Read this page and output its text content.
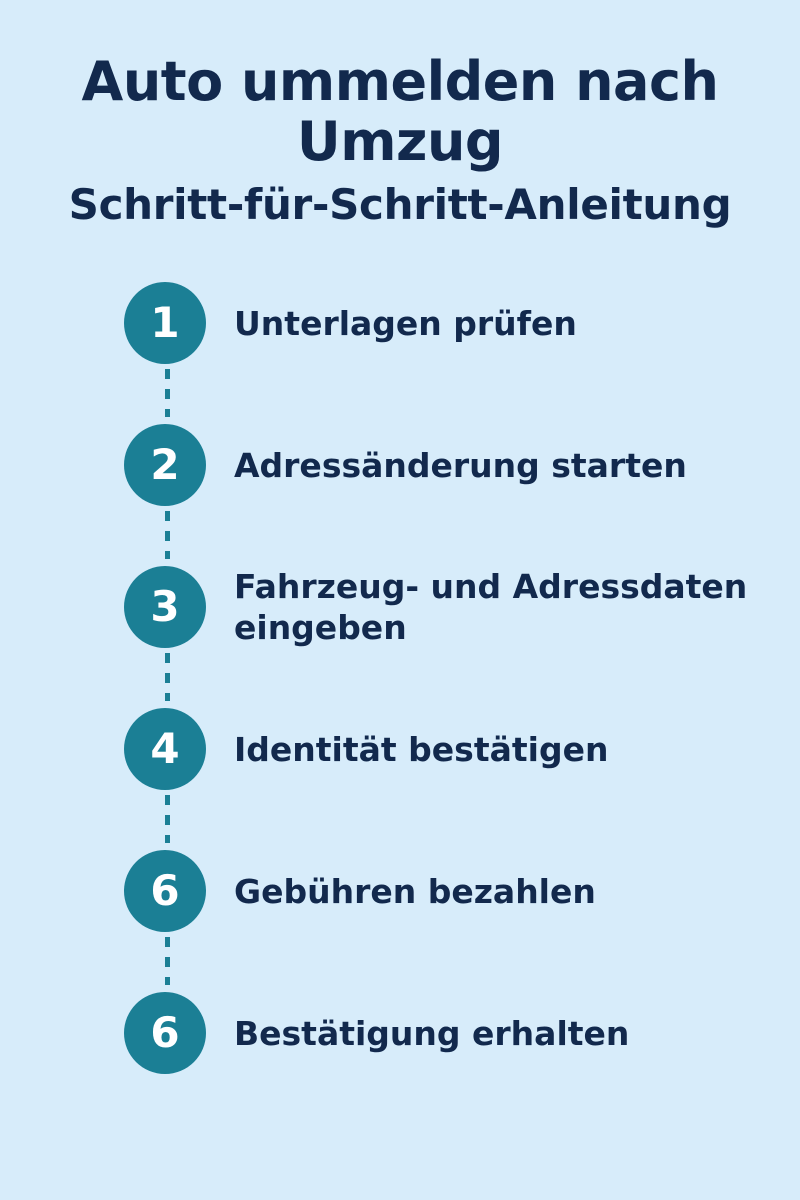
Auto ummelden nach Umzug
Schritt-für-Schritt-Anleitung
1	Unterlagen prüfen
2	Adressänderung starten
3	Fahrzeug- und Adressdaten eingeben
4	Identität bestätigen
6	Gebühren bezahlen
6	Bestätigung erhalten
